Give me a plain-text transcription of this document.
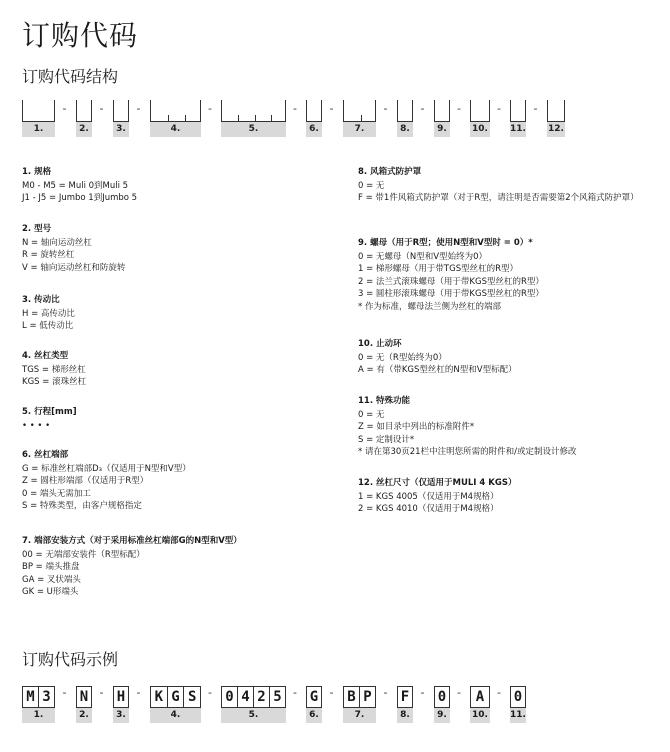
订购代码
订购代码结构
1.
-
2.
-
3.
-
4.
-
5.
-
6.
-
7.
-
8.
-
9.
-
10.
-
11.
-
12.
1. 规格
M0 - M5 = Muli 0到Muli 5
J1 - J5 = Jumbo 1到Jumbo 5
2. 型号
N = 轴向运动丝杠
R = 旋转丝杠
V = 轴向运动丝杠和防旋转
3. 传动比
H = 高传动比
L = 低传动比
4. 丝杠类型
TGS = 梯形丝杠
KGS = 滚珠丝杠
5. 行程[mm]
• • • •
6. 丝杠端部
G = 标准丝杠端部D₃（仅适用于N型和V型）
Z = 圆柱形端部（仅适用于R型）
0 = 端头无需加工
S = 特殊类型，由客户规格指定
7. 端部安装方式（对于采用标准丝杠端部G的N型和V型）
00 = 无端部安装件（R型标配）
BP = 端头推盘
GA = 叉状端头
GK = U形端头
8. 风箱式防护罩
0 = 无
F = 带1件风箱式防护罩（对于R型，请注明是否需要第2个风箱式防护罩）
9. 螺母（用于R型；使用N型和V型时 = 0）*
0 = 无螺母（N型和V型始终为0）
1 = 梯形螺母（用于带TGS型丝杠的R型）
2 = 法兰式滚珠螺母（用于带KGS型丝杠的R型）
3 = 圆柱形滚珠螺母（用于带KGS型丝杠的R型）
* 作为标准，螺母法兰侧为丝杠的端部
10. 止动环
0 = 无（R型始终为0）
A = 有（带KGS型丝杠的N型和V型标配）
11. 特殊功能
0 = 无
Z = 如目录中列出的标准附件*
S = 定制设计*
* 请在第30页21栏中注明您所需的附件和/或定制设计修改
12. 丝杠尺寸（仅适用于MULI 4 KGS）
1 = KGS 4005（仅适用于M4规格）
2 = KGS 4010（仅适用于M4规格）
订购代码示例
M 3
1.
- N
2.
- H
3.
- K G S
4.
- 0 4 2 5
5.
- G
6.
- B P
7.
- F
8.
- 0
9.
-	A
10.
- 0
11.
